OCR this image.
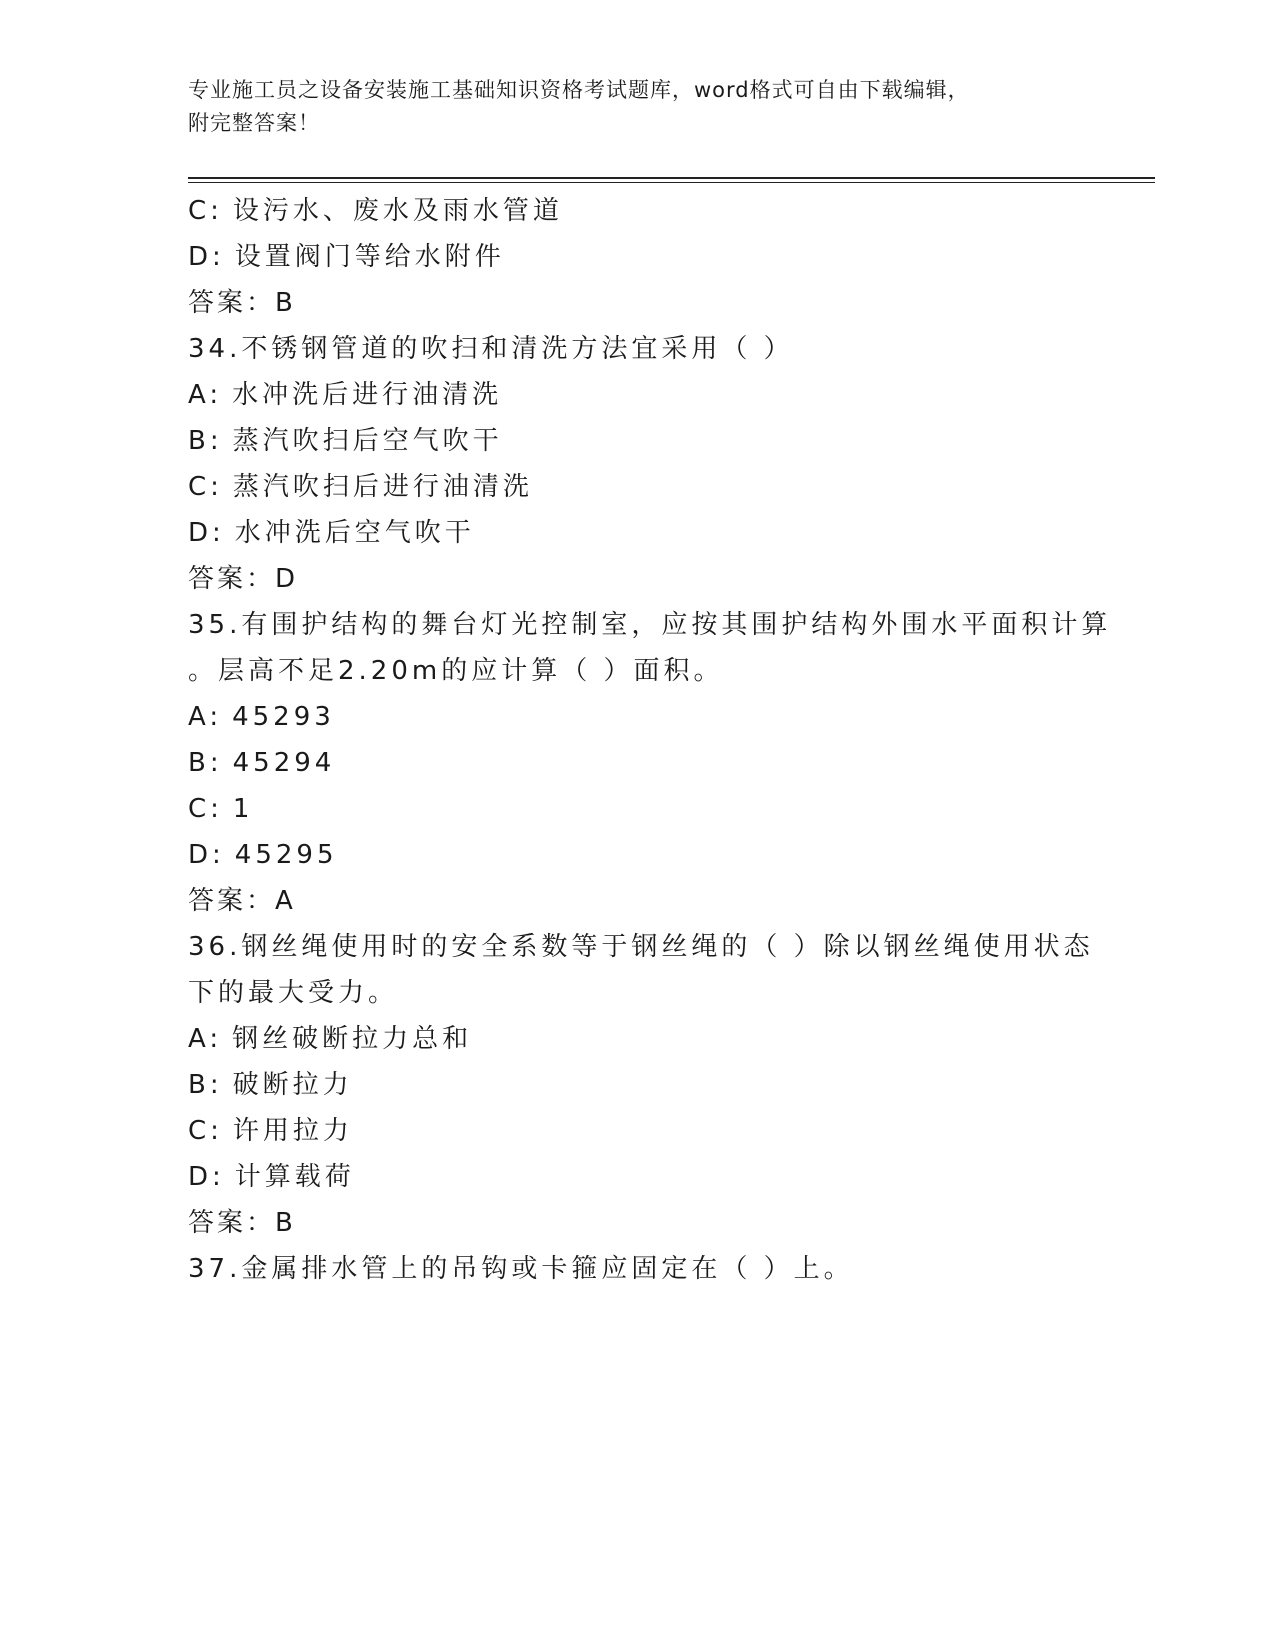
专业施工员之设备安装施工基础知识资格考试题库，word格式可自由下载编辑，
附完整答案！
C: 设污水、废水及雨水管道
D: 设置阀门等给水附件
答案：B
34.不锈钢管道的吹扫和清洗方法宜采用（ ）
A: 水冲洗后进行油清洗
B: 蒸汽吹扫后空气吹干
C: 蒸汽吹扫后进行油清洗
D: 水冲洗后空气吹干
答案：D
35.有围护结构的舞台灯光控制室，应按其围护结构外围水平面积计算
。层高不足2.20m的应计算（ ）面积。
A: 45293
B: 45294
C: 1
D: 45295
答案：A
36.钢丝绳使用时的安全系数等于钢丝绳的（ ）除以钢丝绳使用状态
下的最大受力。
A: 钢丝破断拉力总和
B: 破断拉力
C: 许用拉力
D: 计算载荷
答案：B
37.金属排水管上的吊钩或卡箍应固定在（ ）上。
